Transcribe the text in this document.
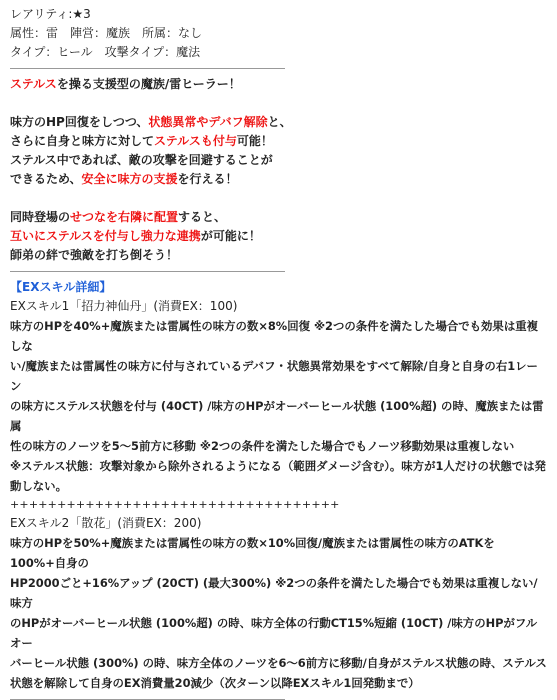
レアリティ:★3

属性：雷　陣営：魔族　所属：なし

タイプ：ヒール　攻撃タイプ：魔法

ステルスを操る支援型の魔族/雷ヒーラー！

味方のHP回復をしつつ、状態異常やデバフ解除と、

さらに自身と味方に対してステルスも付与可能！

ステルス中であれば、敵の攻撃を回避することが

できるため、安全に味方の支援を行える！

同時登場のせつなを右隣に配置すると、

互いにステルスを付与し強力な連携が可能に！

師弟の絆で強敵を打ち倒そう！

【EXスキル詳細】

EXスキル1「招力神仙丹」(消費EX：100)

味方のHPを40%+魔族または雷属性の味方の数×8%回復 ※2つの条件を満たした場合でも効果は重複しな

い/魔族または雷属性の味方に付与されているデバフ・状態異常効果をすべて解除/自身と自身の右1レーン

の味方にステルス状態を付与 (40CT) /味方のHPがオーバーヒール状態 (100%超) の時、魔族または雷属

性の味方のノーツを5～5前方に移動 ※2つの条件を満たした場合でもノーツ移動効果は重複しない

※ステルス状態：攻撃対象から除外されるようになる（範囲ダメージ含む）。味方が1人だけの状態では発

動しない。

+++++++++++++++++++++++++++++++++++

EXスキル2「散花」(消費EX：200)

味方のHPを50%+魔族または雷属性の味方の数×10%回復/魔族または雷属性の味方のATKを100%+自身の

HP2000ごと+16%アップ (20CT) (最大300%) ※2つの条件を満たした場合でも効果は重複しない/味方

のHPがオーバーヒール状態 (100%超) の時、味方全体の行動CT15%短縮 (10CT) /味方のHPがフルオー

バーヒール状態 (300%) の時、味方全体のノーツを6～6前方に移動/自身がステルス状態の時、ステルス

状態を解除して自身のEX消費量20減少（次ターン以降EXスキル1回発動まで）
